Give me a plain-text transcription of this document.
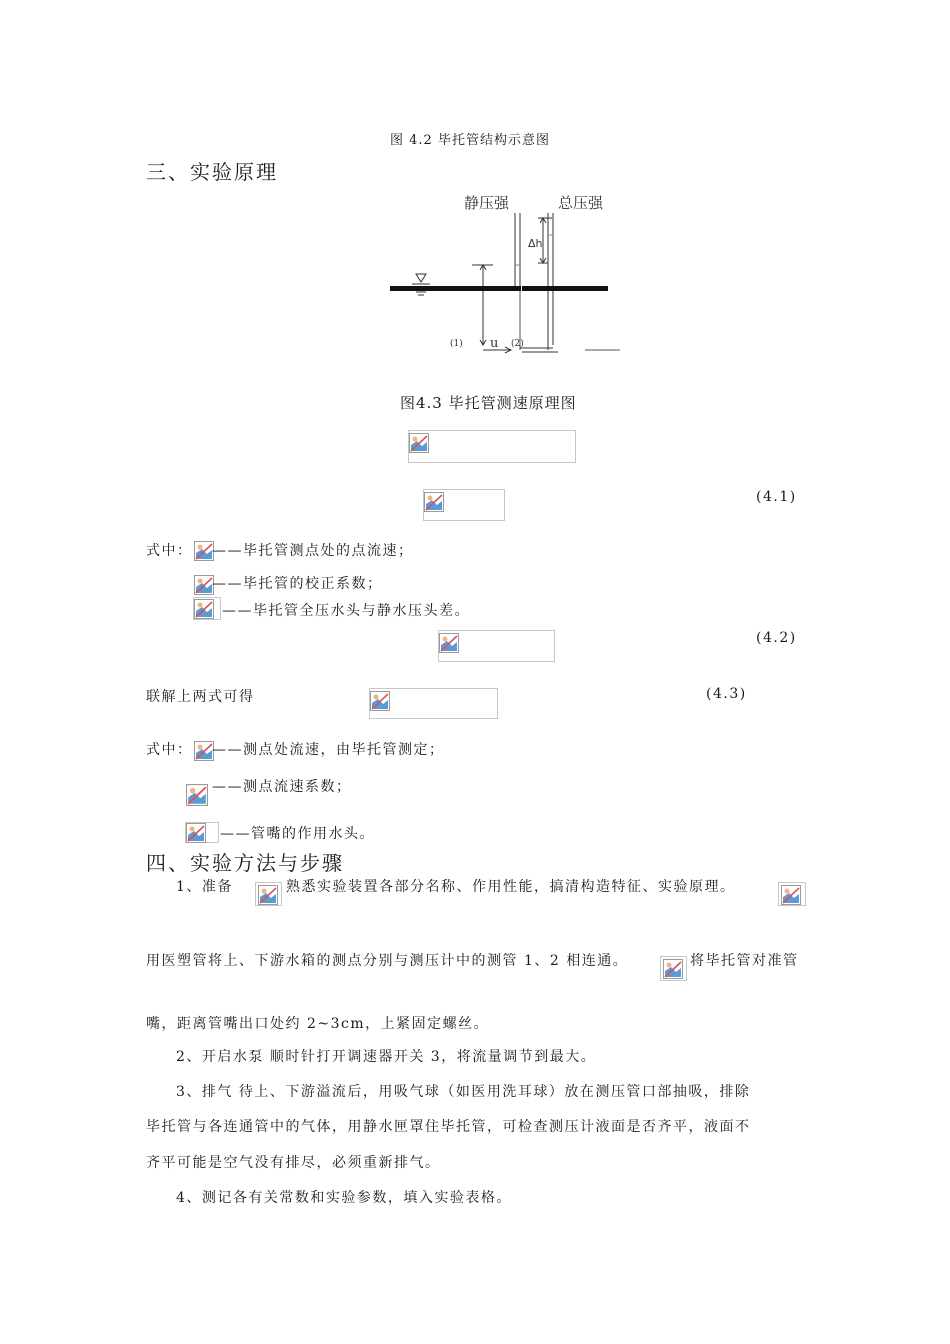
图 4.2 毕托管结构示意图
三、实验原理
静压强	总压强
Δh
(1) u (2)
图4.3 毕托管测速原理图
(4.1)
式中： ——毕托管测点处的点流速；
——毕托管的校正系数；
——毕托管全压水头与静水压头差。
(4.2)
联解上两式可得	(4.3)
式中： ——测点处流速，由毕托管测定；
——测点流速系数；
——管嘴的作用水头。
四、实验方法与步骤
1、准备	熟悉实验装置各部分名称、作用性能，搞清构造特征、实验原理。
用医塑管将上、下游水箱的测点分别与测压计中的测管 1、2 相连通。	将毕托管对准管
嘴，距离管嘴出口处约 2~3cm，上紧固定螺丝。
2、开启水泵 顺时针打开调速器开关 3，将流量调节到最大。
3、排气 待上、下游溢流后，用吸气球（如医用洗耳球）放在测压管口部抽吸，排除
毕托管与各连通管中的气体，用静水匣罩住毕托管，可检查测压计液面是否齐平，液面不
齐平可能是空气没有排尽，必须重新排气。
4、测记各有关常数和实验参数，填入实验表格。
